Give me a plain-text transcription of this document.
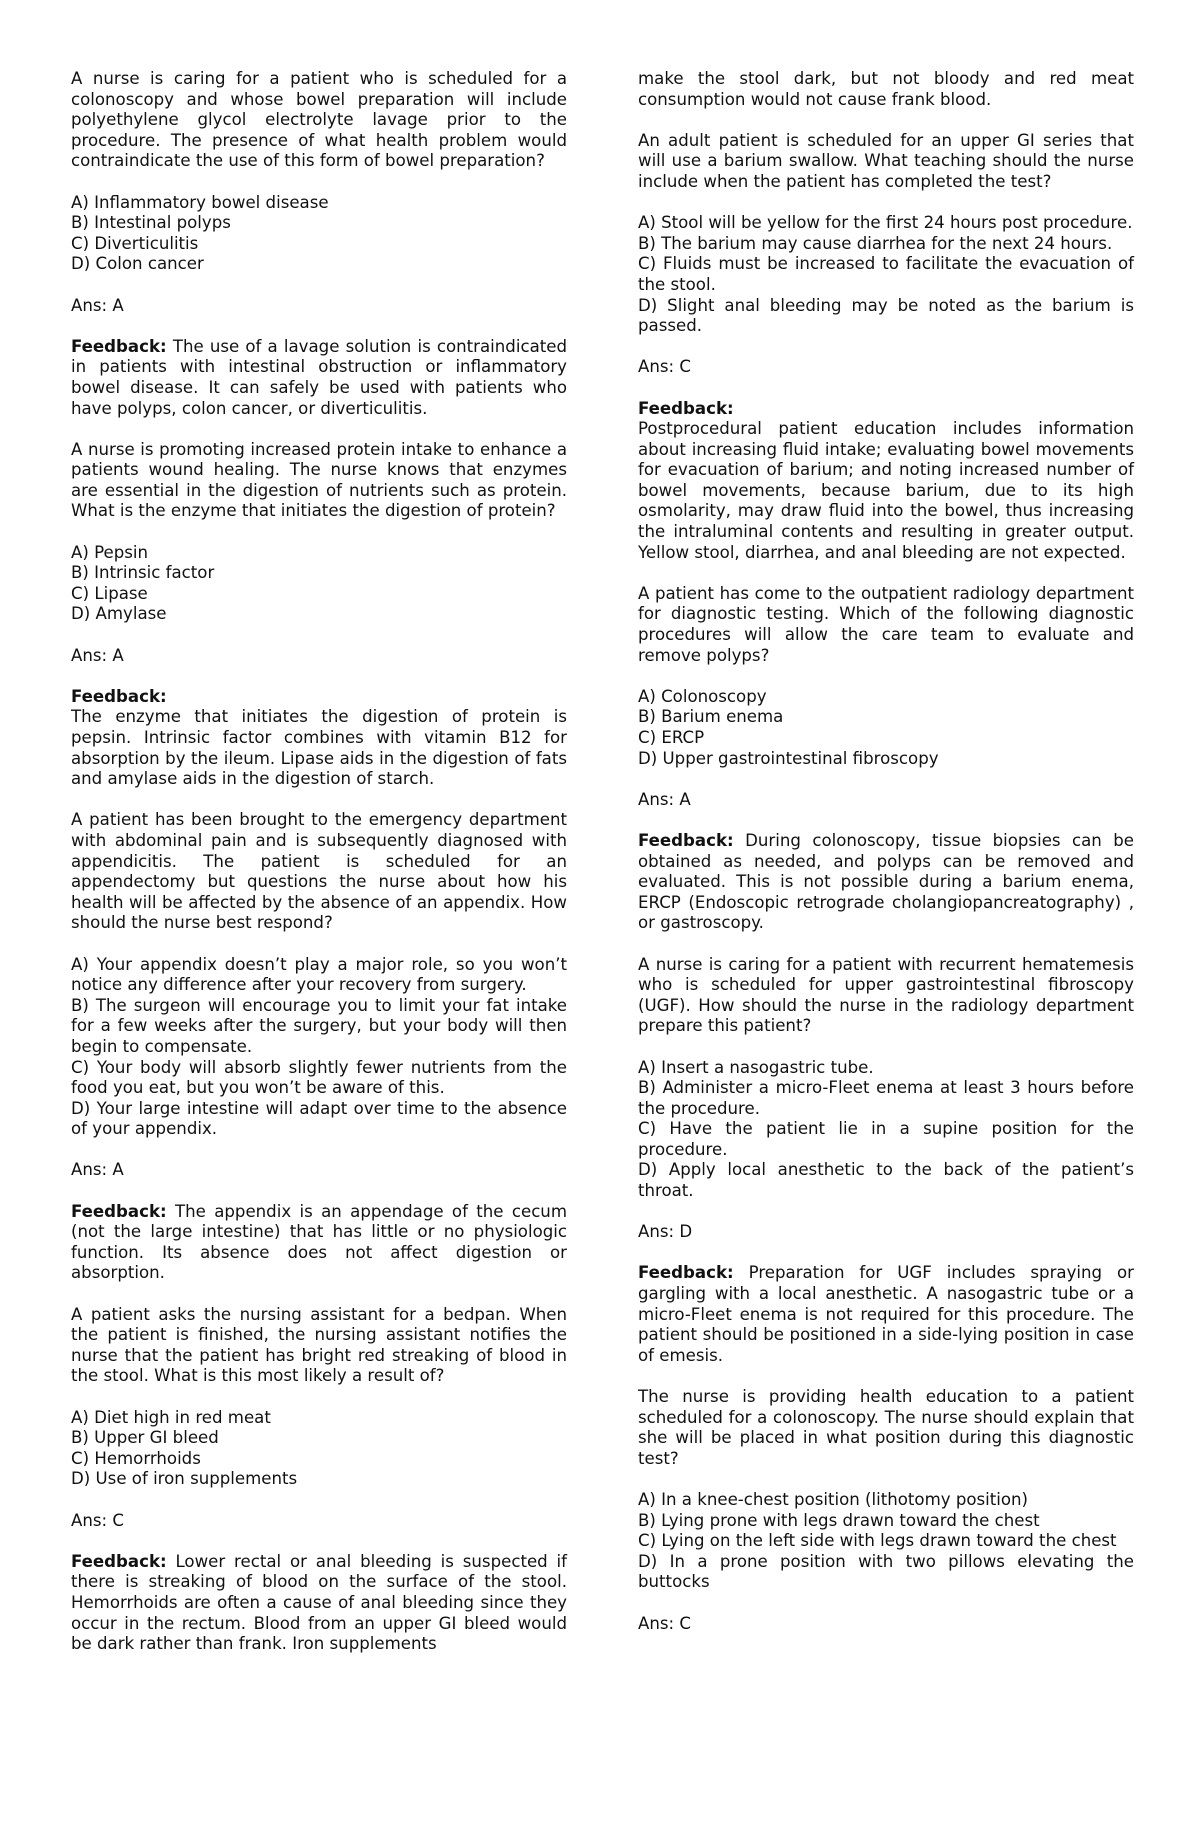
A nurse is caring for a patient who is scheduled for a colonoscopy and whose bowel preparation will include polyethylene glycol electrolyte lavage prior to the procedure. The presence of what health problem would contraindicate the use of this form of bowel preparation?

A) Inflammatory bowel disease

B) Intestinal polyps

C) Diverticulitis

D) Colon cancer

Ans: A

Feedback: The use of a lavage solution is contraindicated in patients with intestinal obstruction or inflammatory bowel disease. It can safely be used with patients who have polyps, colon cancer, or diverticulitis.

A nurse is promoting increased protein intake to enhance a patients wound healing. The nurse knows that enzymes are essential in the digestion of nutrients such as protein. What is the enzyme that initiates the digestion of protein?

A) Pepsin

B) Intrinsic factor

C) Lipase

D) Amylase

Ans: A

Feedback:

The enzyme that initiates the digestion of protein is pepsin. Intrinsic factor combines with vitamin B12 for absorption by the ileum. Lipase aids in the digestion of fats and amylase aids in the digestion of starch.

A patient has been brought to the emergency department with abdominal pain and is subsequently diagnosed with appendicitis. The patient is scheduled for an appendectomy but questions the nurse about how his health will be affected by the absence of an appendix. How should the nurse best respond?

A) Your appendix doesn’t play a major role, so you won’t notice any difference after your recovery from surgery.

B) The surgeon will encourage you to limit your fat intake for a few weeks after the surgery, but your body will then begin to compensate.

C) Your body will absorb slightly fewer nutrients from the food you eat, but you won’t be aware of this.

D) Your large intestine will adapt over time to the absence of your appendix.

Ans: A

Feedback: The appendix is an appendage of the cecum (not the large intestine) that has little or no physiologic function. Its absence does not affect digestion or absorption.

A patient asks the nursing assistant for a bedpan. When the patient is finished, the nursing assistant notifies the nurse that the patient has bright red streaking of blood in the stool. What is this most likely a result of?

A) Diet high in red meat

B) Upper GI bleed

C) Hemorrhoids

D) Use of iron supplements

Ans: C

Feedback: Lower rectal or anal bleeding is suspected if there is streaking of blood on the surface of the stool. Hemorrhoids are often a cause of anal bleeding since they occur in the rectum. Blood from an upper GI bleed would be dark rather than frank. Iron supplements

make the stool dark, but not bloody and red meat consumption would not cause frank blood.

An adult patient is scheduled for an upper GI series that will use a barium swallow. What teaching should the nurse include when the patient has completed the test?

A) Stool will be yellow for the first 24 hours post procedure.

B) The barium may cause diarrhea for the next 24 hours.

C) Fluids must be increased to facilitate the evacuation of the stool.

D) Slight anal bleeding may be noted as the barium is passed.

Ans: C

Feedback:

Postprocedural patient education includes information about increasing fluid intake; evaluating bowel movements for evacuation of barium; and noting increased number of bowel movements, because barium, due to its high osmolarity, may draw fluid into the bowel, thus increasing the intraluminal contents and resulting in greater output. Yellow stool, diarrhea, and anal bleeding are not expected.

A patient has come to the outpatient radiology department for diagnostic testing. Which of the following diagnostic procedures will allow the care team to evaluate and remove polyps?

A) Colonoscopy

B) Barium enema

C) ERCP

D) Upper gastrointestinal fibroscopy

Ans: A

Feedback: During colonoscopy, tissue biopsies can be obtained as needed, and polyps can be removed and evaluated. This is not possible during a barium enema, ERCP (Endoscopic retrograde cholangiopancreatography) , or gastroscopy.

A nurse is caring for a patient with recurrent hematemesis who is scheduled for upper gastrointestinal fibroscopy (UGF). How should the nurse in the radiology department prepare this patient?

A) Insert a nasogastric tube.

B) Administer a micro-Fleet enema at least 3 hours before the procedure.

C) Have the patient lie in a supine position for the procedure.

D) Apply local anesthetic to the back of the patient’s throat.

Ans: D

Feedback: Preparation for UGF includes spraying or gargling with a local anesthetic. A nasogastric tube or a micro-Fleet enema is not required for this procedure. The patient should be positioned in a side-lying position in case of emesis.

The nurse is providing health education to a patient scheduled for a colonoscopy. The nurse should explain that she will be placed in what position during this diagnostic test?

A) In a knee-chest position (lithotomy position)

B) Lying prone with legs drawn toward the chest

C) Lying on the left side with legs drawn toward the chest

D) In a prone position with two pillows elevating the buttocks

Ans: C
